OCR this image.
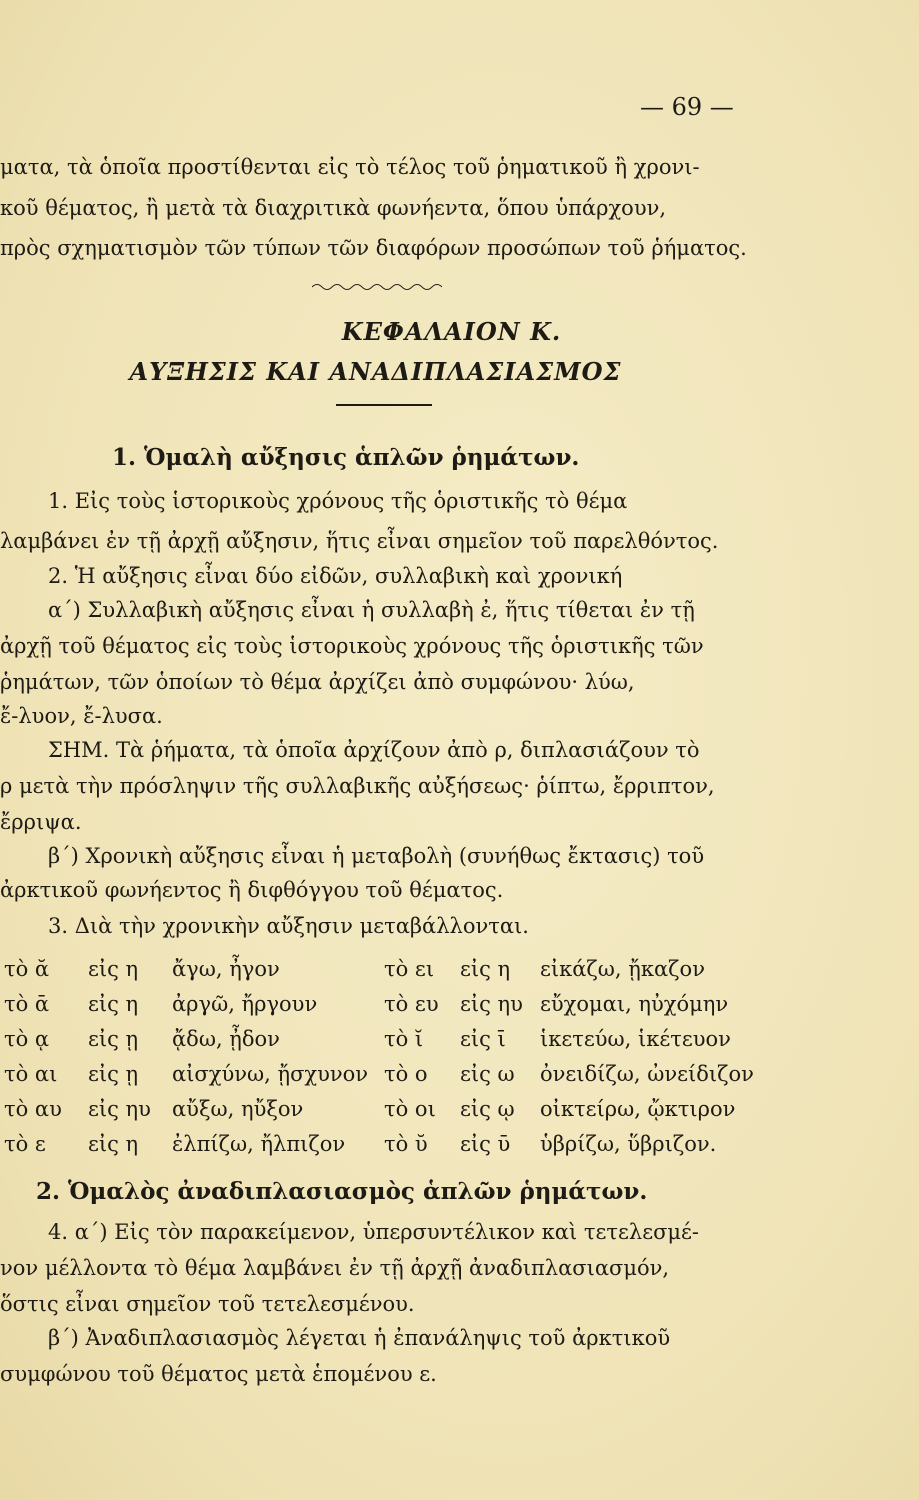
— 69 —
ματα, τὰ ὁποῖα προστίθενται εἰς τὸ τέλος τοῦ ῥηματικοῦ ἢ χρονι-
κοῦ θέματος, ἢ μετὰ τὰ διαχριτικὰ φωνήεντα, ὅπου ὑπάρχουν,
πρὸς σχηματισμὸν τῶν τύπων τῶν διαφόρων προσώπων τοῦ ῥήματος.
ΚΕΦΑΛΑΙΟΝ Κ.
ΑΥΞΗΣΙΣ ΚΑΙ ΑΝΑΔΙΠΛΑΣΙΑΣΜΟΣ
1. Ὁμαλὴ αὔξησις ἁπλῶν ῥημάτων.
1. Εἰς τοὺς ἱστορικοὺς χρόνους τῆς ὁριστικῆς τὸ θέμα
λαμβάνει ἐν τῇ ἀρχῇ αὔξησιν, ἥτις εἶναι σημεῖον τοῦ παρελθόντος.
2. Ἡ αὔξησις εἶναι δύο εἰδῶν, συλλαβικὴ καὶ χρονική
α΄) Συλλαβικὴ αὔξησις εἶναι ἡ συλλαβὴ ἐ, ἥτις τίθεται ἐν τῇ
ἀρχῇ τοῦ θέματος εἰς τοὺς ἱστορικοὺς χρόνους τῆς ὁριστικῆς τῶν
ῥημάτων, τῶν ὁποίων τὸ θέμα ἀρχίζει ἀπὸ συμφώνου· λύω,
ἔ-λυον, ἔ-λυσα.
ΣΗΜ. Τὰ ῥήματα, τὰ ὁποῖα ἀρχίζουν ἀπὸ ρ, διπλασιάζουν τὸ
ρ μετὰ τὴν πρόσληψιν τῆς συλλαβικῆς αὐξήσεως· ῥίπτω, ἔρριπτον,
ἔρριψα.
β΄) Χρονικὴ αὔξησις εἶναι ἡ μεταβολὴ (συνήθως ἔκτασις) τοῦ
ἀρκτικοῦ φωνήεντος ἢ διφθόγγου τοῦ θέματος.
3. Διὰ τὴν χρονικὴν αὔξησιν μεταβάλλονται.
τὸ ᾰ εἰς η ἄγω, ἦγον	τὸ ει εἰς η εἰκάζω, ᾔκαζον
τὸ ᾱ εἰς η ἀργῶ, ἤργουν	τὸ ευ εἰς ηυ εὔχομαι, ηὐχόμην
τὸ ᾳ εἰς ῃ ᾄδω, ᾖδον	τὸ ῐ εἰς ῑ ἱκετεύω, ἱκέτευον
τὸ αι εἰς ῃ αἰσχύνω, ᾔσχυνον τὸ ο εἰς ω ὀνειδίζω, ὠνείδιζον
τὸ αυ εἰς ηυ αὔξω, ηὔξον	τὸ οι εἰς ῳ οἰκτείρω, ᾤκτιρον
τὸ ε εἰς η ἐλπίζω, ἤλπιζον τὸ ῠ εἰς ῡ ὑβρίζω, ὕβριζον.
2. Ὁμαλὸς ἀναδιπλασιασμὸς ἁπλῶν ῥημάτων.
4. α΄) Εἰς τὸν παρακείμενον, ὑπερσυντέλικον καὶ τετελεσμέ-
νον μέλλοντα τὸ θέμα λαμβάνει ἐν τῇ ἀρχῇ ἀναδιπλασιασμόν,
ὅστις εἶναι σημεῖον τοῦ τετελεσμένου.
β΄) Ἀναδιπλασιασμὸς λέγεται ἡ ἐπανάληψις τοῦ ἀρκτικοῦ
συμφώνου τοῦ θέματος μετὰ ἑπομένου ε.
